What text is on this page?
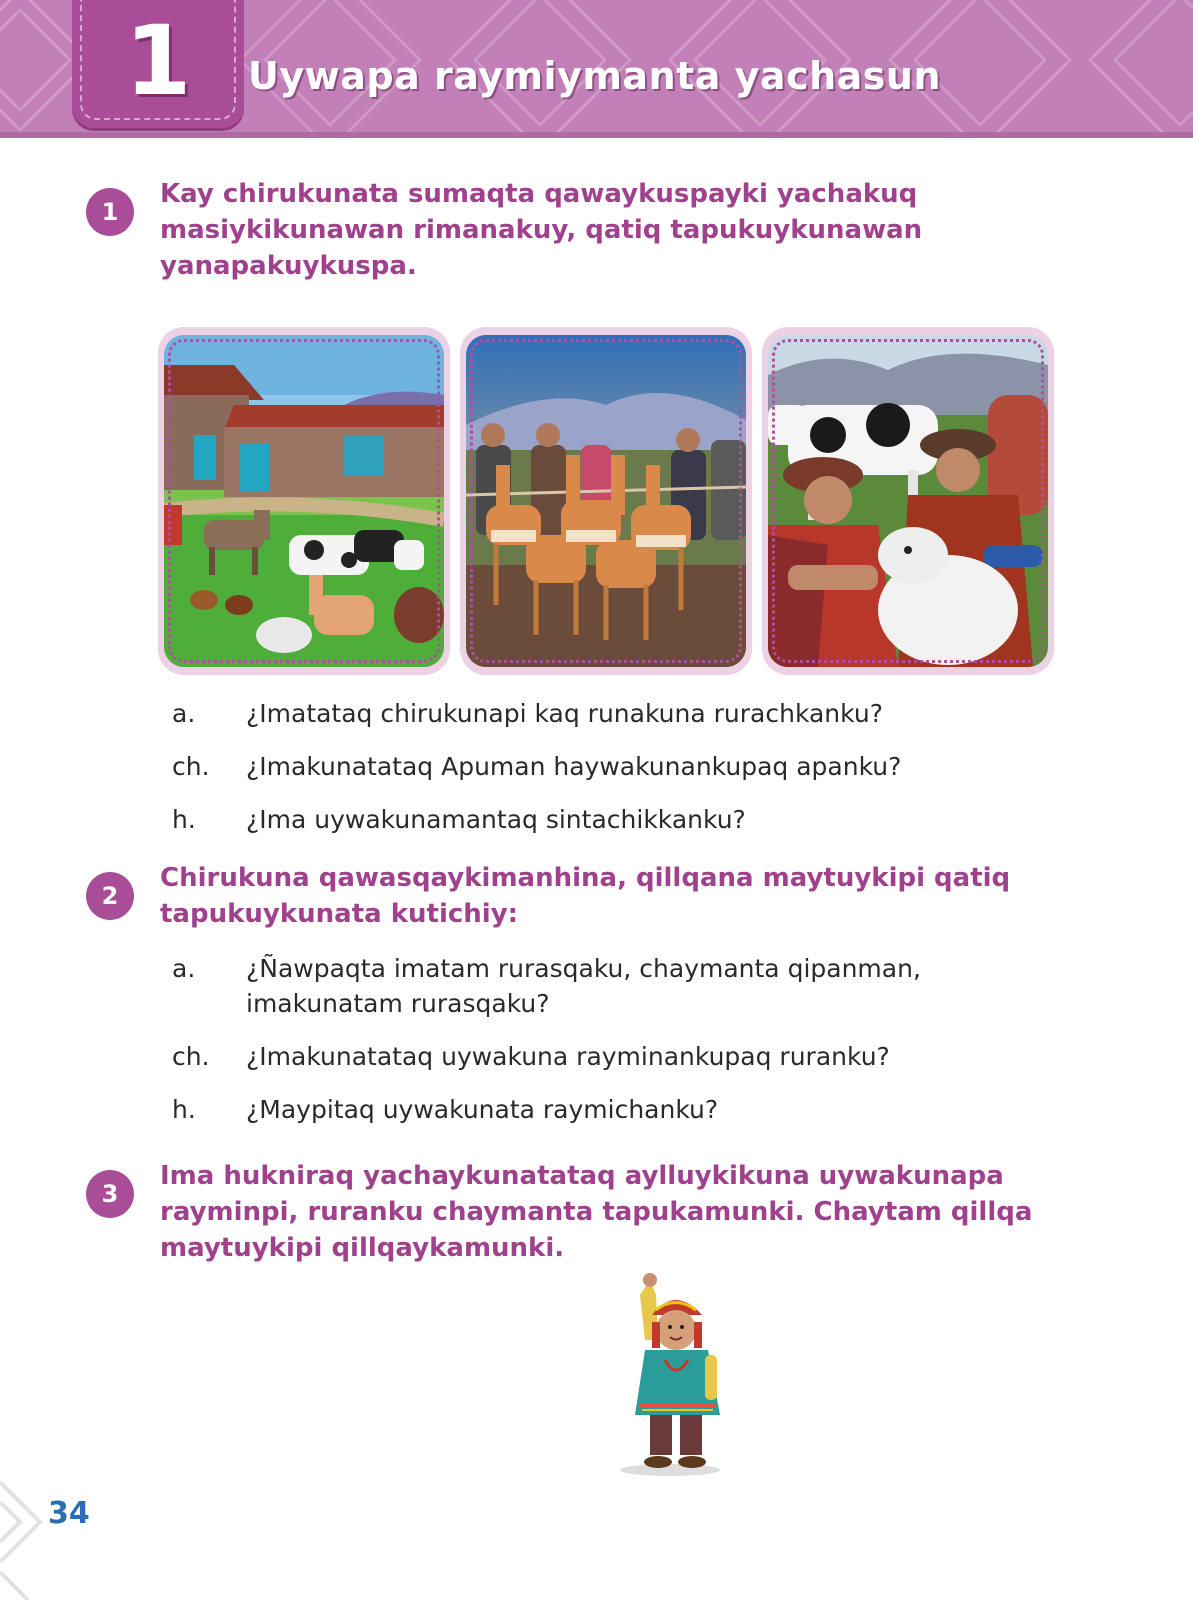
1	Uywapa raymiymanta yachasun
1
Kay chirukunata sumaqta qawaykuspayki yachakuq masiykikunawan rimanakuy, qatiq tapukuykunawan yanapakuykuspa.
a.	¿Imatataq chirukunapi kaq runakuna rurachkanku?
ch.	¿Imakunatataq Apuman haywakunankupaq apanku?
h.	¿Ima uywakunamantaq sintachikkanku?
2
Chirukuna qawasqaykimanhina, qillqana maytuykipi qatiq tapukuykunata kutichiy:
a.	¿Ñawpaqta imatam rurasqaku, chaymanta qipanman, imakunatam rurasqaku?
ch.	¿Imakunatataq uywakuna rayminankupaq ruranku?
h.	¿Maypitaq uywakunata raymichanku?
3
Ima hukniraq yachaykunatataq aylluykikuna uywakunapa rayminpi, ruranku chaymanta tapukamunki. Chaytam qillqa maytuykipi qillqaykamunki.
34
